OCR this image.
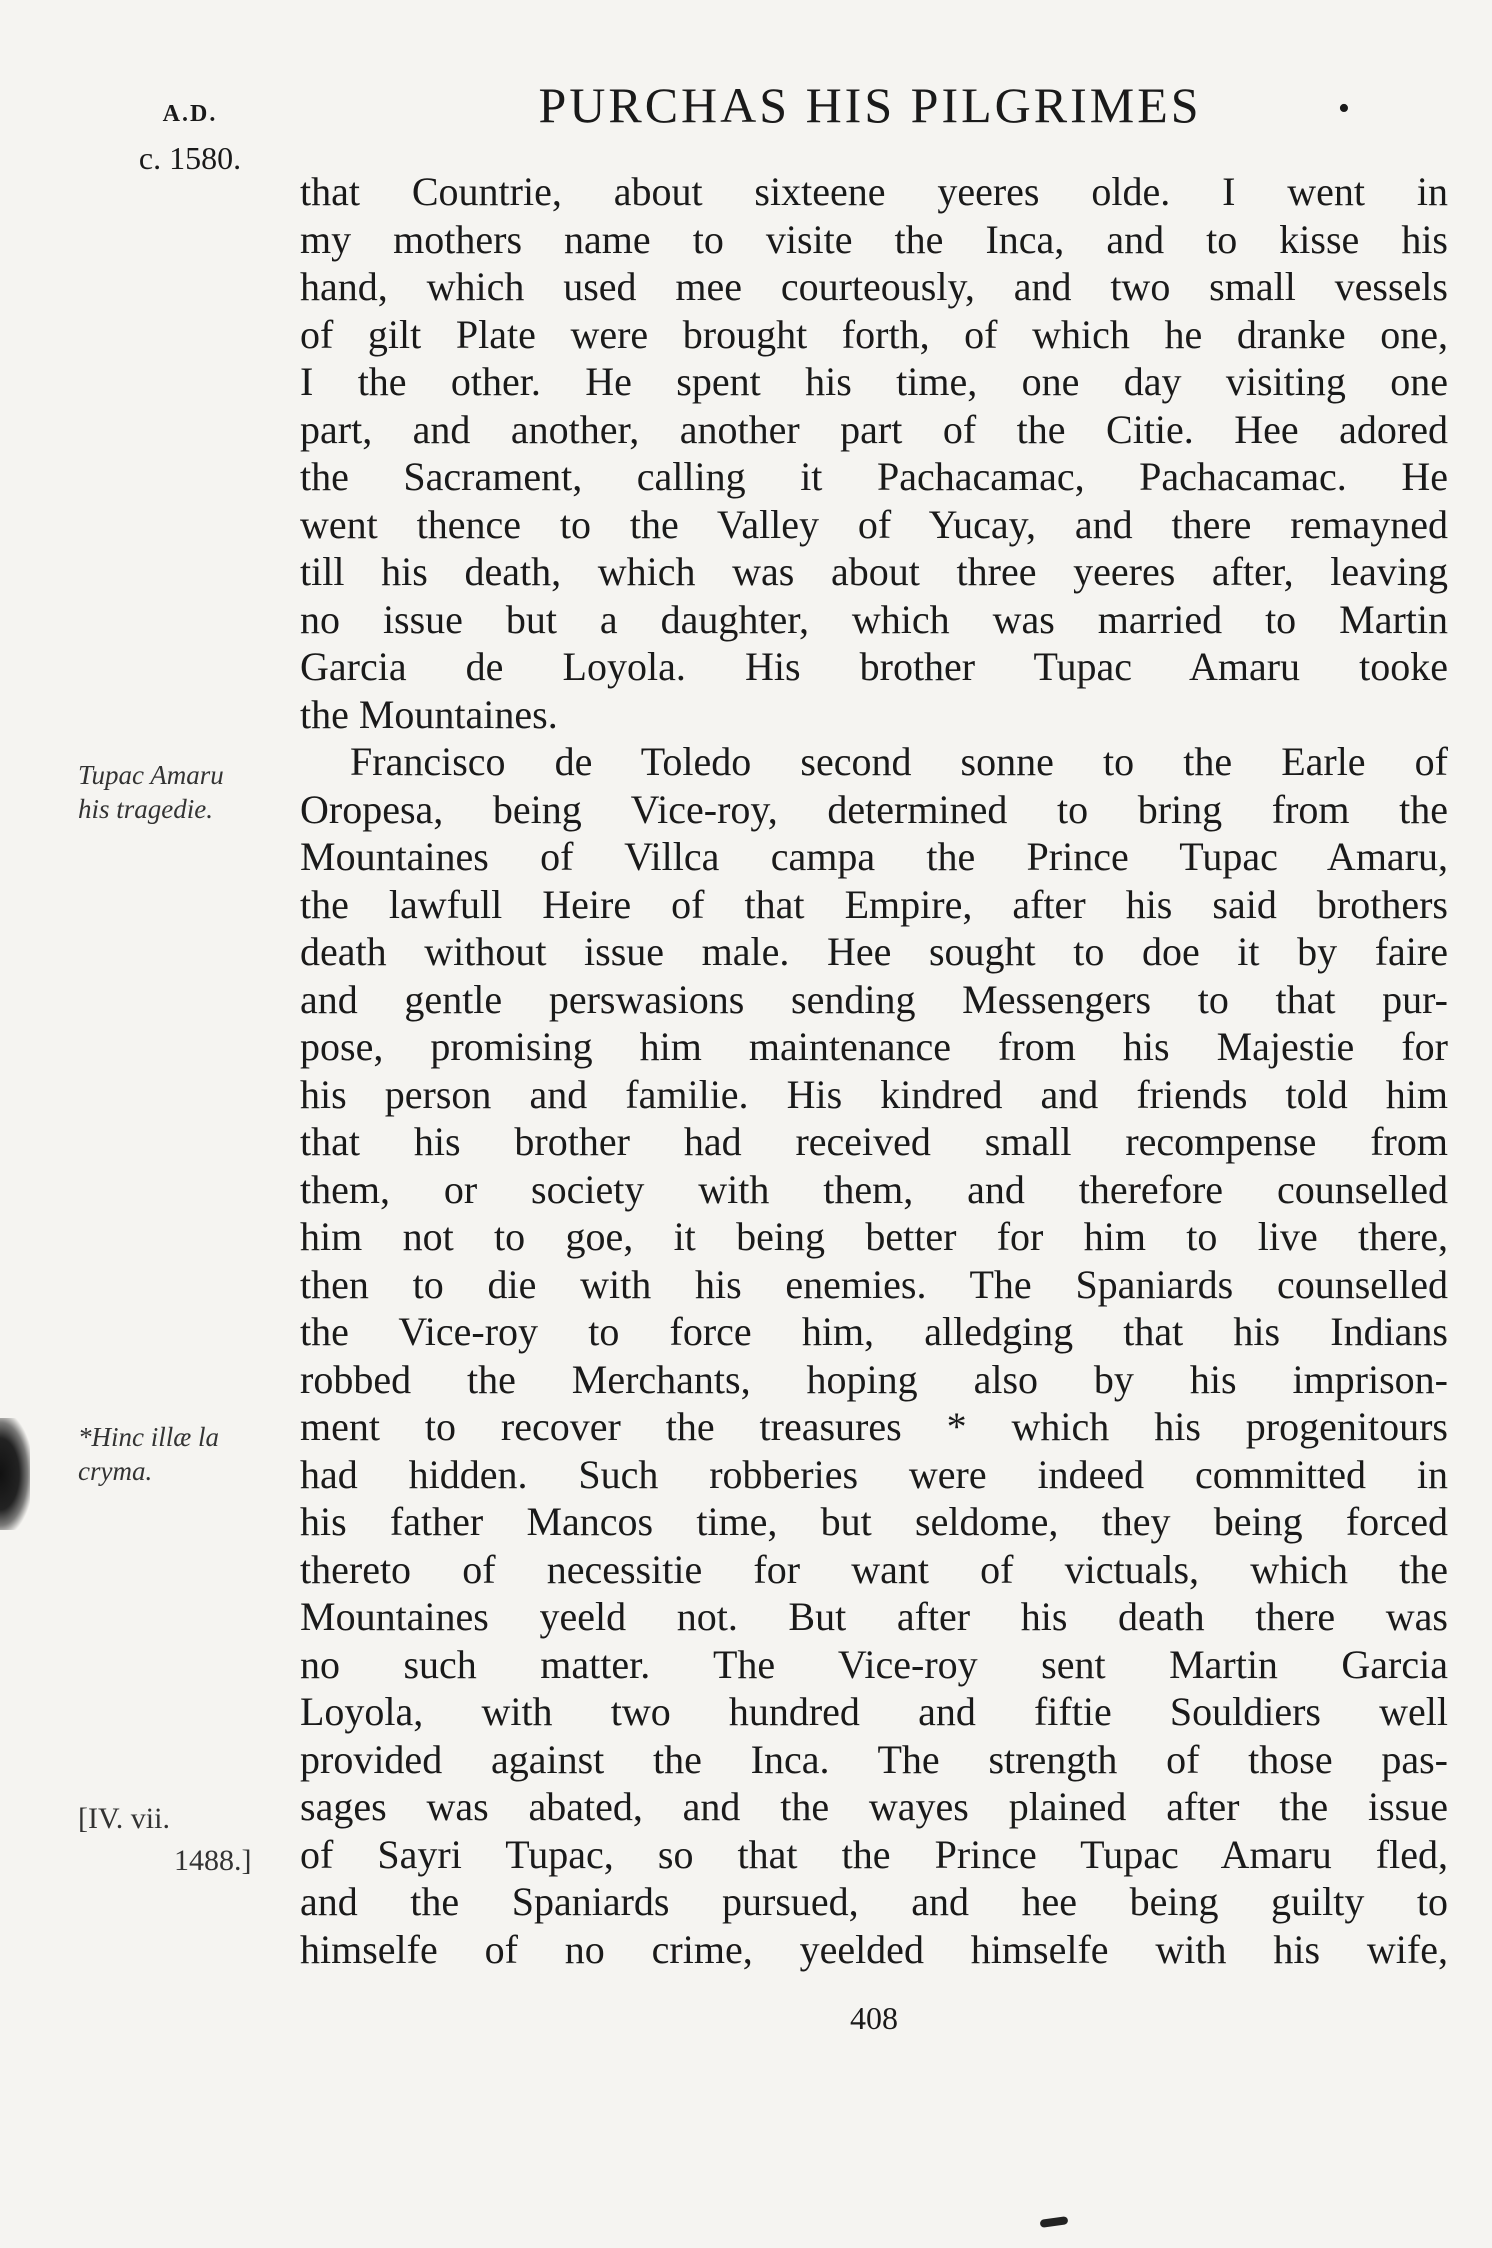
A.D.
c. 1580.
PURCHAS HIS PILGRIMES	•
that Countrie, about sixteene yeeres olde. I went in
my mothers name to visite the Inca, and to kisse his
hand, which used mee courteously, and two small vessels
of gilt Plate were brought forth, of which he dranke one,
I the other. He spent his time, one day visiting one
part, and another, another part of the Citie. Hee adored
the Sacrament, calling it Pachacamac, Pachacamac. He
went thence to the Valley of Yucay, and there remayned
till his death, which was about three yeeres after, leaving
no issue but a daughter, which was married to Martin
Garcia de Loyola. His brother Tupac Amaru tooke
the Mountaines.
Francisco de Toledo second sonne to the Earle of
Oropesa, being Vice-roy, determined to bring from the
Mountaines of Villca campa the Prince Tupac Amaru,
the lawfull Heire of that Empire, after his said brothers
death without issue male. Hee sought to doe it by faire
and gentle perswasions sending Messengers to that pur-
pose, promising him maintenance from his Majestie for
his person and familie. His kindred and friends told him
that his brother had received small recompense from
them, or society with them, and therefore counselled
him not to goe, it being better for him to live there,
then to die with his enemies. The Spaniards counselled
the Vice-roy to force him, alledging that his Indians
robbed the Merchants, hoping also by his imprison-
ment to recover the treasures * which his progenitours
had hidden. Such robberies were indeed committed in
his father Mancos time, but seldome, they being forced
thereto of necessitie for want of victuals, which the
Mountaines yeeld not. But after his death there was
no such matter. The Vice-roy sent Martin Garcia
Loyola, with two hundred and fiftie Souldiers well
provided against the Inca. The strength of those pas-
sages was abated, and the wayes plained after the issue
of Sayri Tupac, so that the Prince Tupac Amaru fled,
and the Spaniards pursued, and hee being guilty to
himselfe of no crime, yeelded himselfe with his wife,
Tupac Amaru
his tragedie.
*Hinc illæ la
cryma.
[IV. vii.
1488.]
408
